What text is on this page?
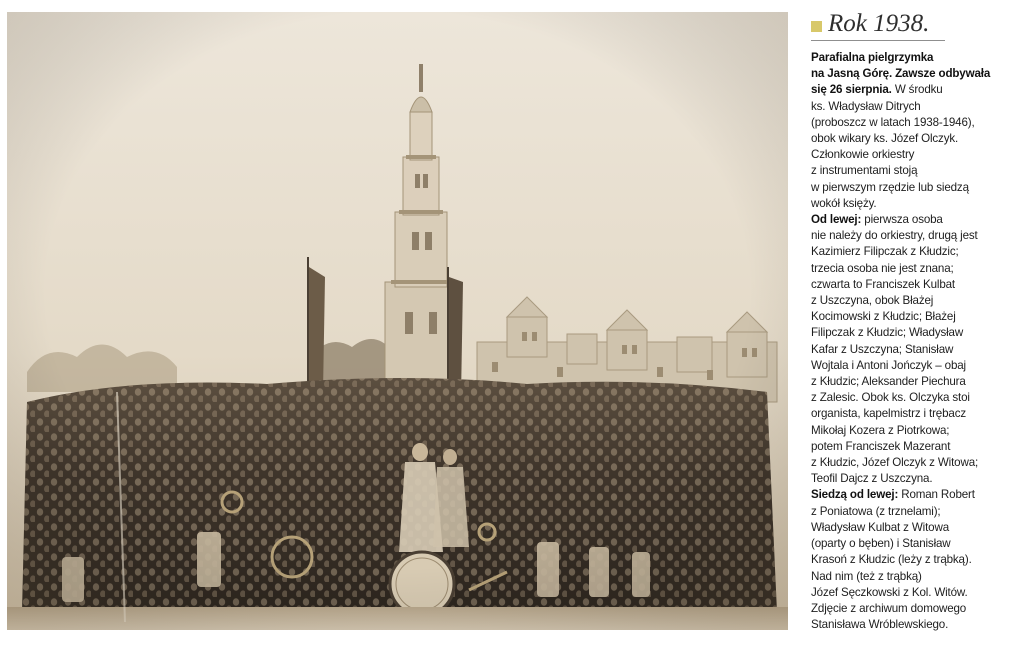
Rok 1938.
Parafialna pielgrzymka
na Jasną Górę. Zawsze odbywała
się 26 sierpnia. W środku
ks. Władysław Ditrych
(proboszcz w latach 1938-1946),
obok wikary ks. Józef Olczyk.
Członkowie orkiestry
z instrumentami stoją
w pierwszym rzędzie lub siedzą
wokół księży.
Od lewej: pierwsza osoba
nie należy do orkiestry, drugą jest
Kazimierz Filipczak z Kłudzic;
trzecia osoba nie jest znana;
czwarta to Franciszek Kulbat
z Uszczyna, obok Błażej
Kocimowski z Kłudzic; Błażej
Filipczak z Kłudzic; Władysław
Kafar z Uszczyna; Stanisław
Wojtala i Antoni Jończyk – obaj
z Kłudzic; Aleksander Piechura
z Zalesic. Obok ks. Olczyka stoi
organista, kapelmistrz i trębacz
Mikołaj Kozera z Piotrkowa;
potem Franciszek Mazerant
z Kłudzic, Józef Olczyk z Witowa;
Teofil Dajcz z Uszczyna.
Siedzą od lewej: Roman Robert
z Poniatowa (z trznelami);
Władysław Kulbat z Witowa
(oparty o bęben) i Stanisław
Krasoń z Kłudzic (leży z trąbką).
Nad nim (też z trąbką)
Józef Sęczkowski z Kol. Witów.
Zdjęcie z archiwum domowego
Stanisława Wróblewskiego.
